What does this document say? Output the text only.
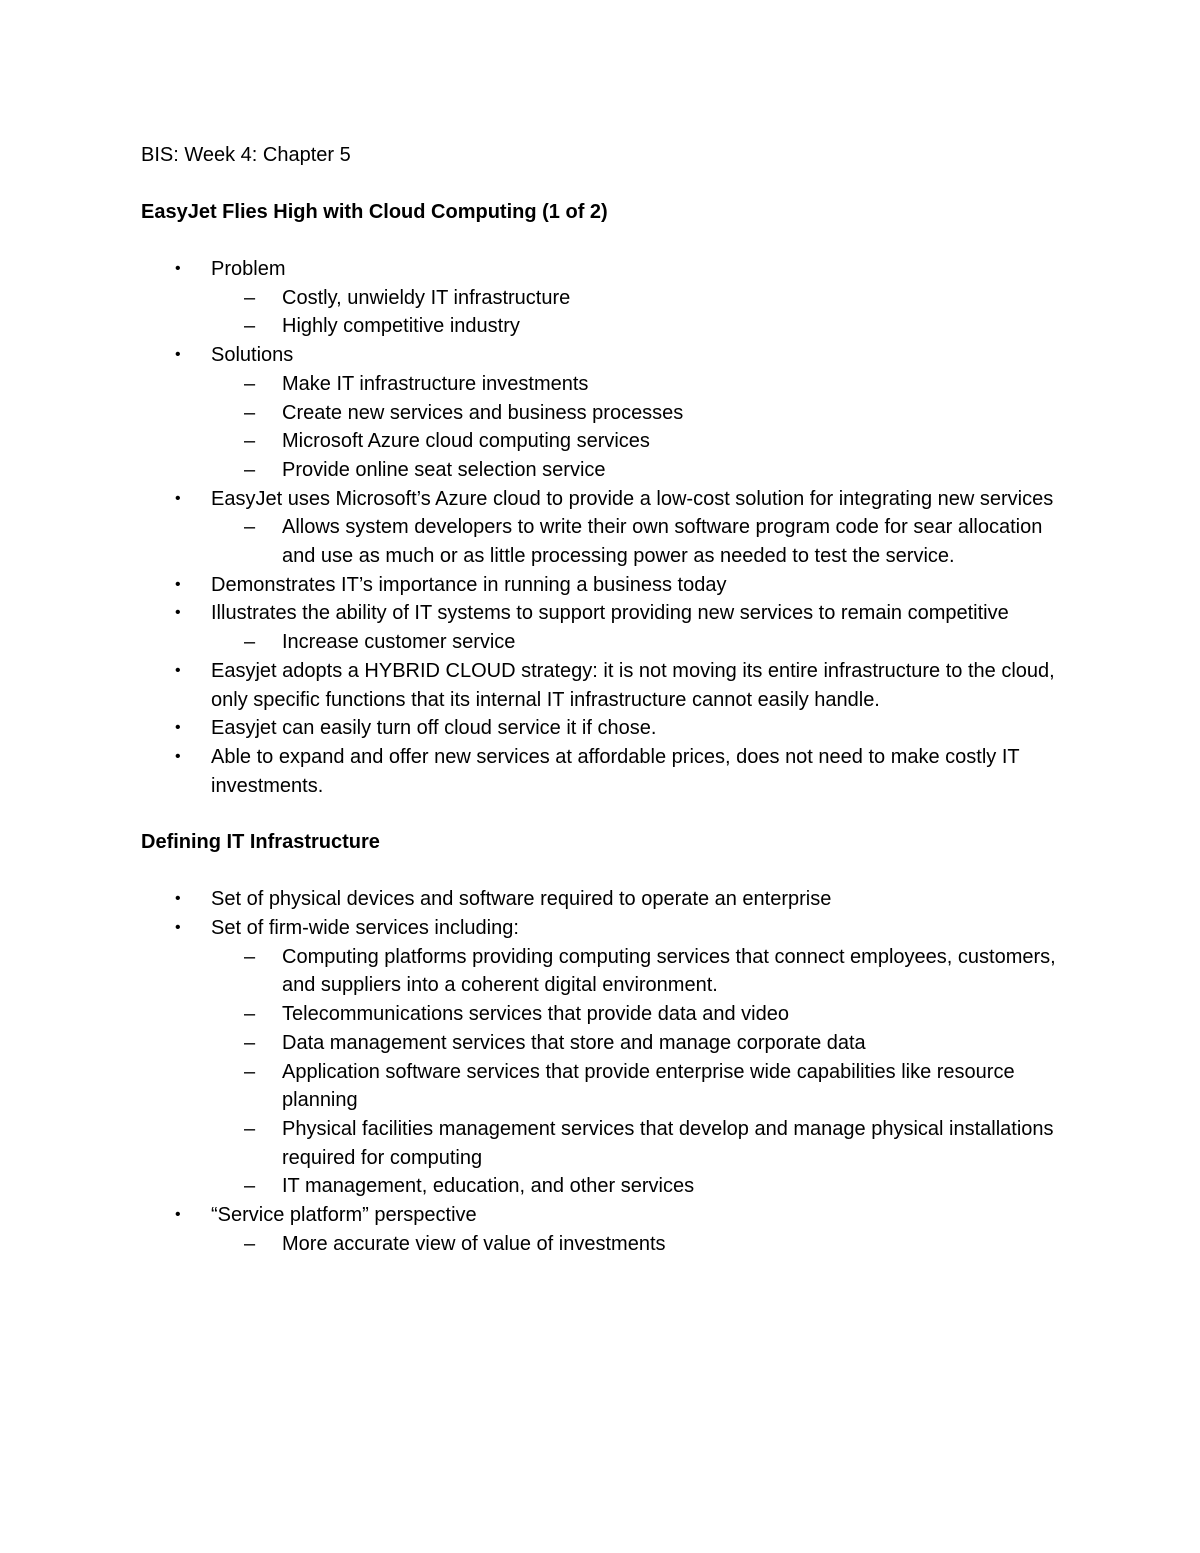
BIS: Week 4: Chapter 5
EasyJet Flies High with Cloud Computing (1 of 2)
•	Problem
–	Costly, unwieldy IT infrastructure
–	Highly competitive industry
•	Solutions
–	Make IT infrastructure investments
–	Create new services and business processes
–	Microsoft Azure cloud computing services
–	Provide online seat selection service
•	EasyJet uses Microsoft’s Azure cloud to provide a low-cost solution for integrating new services
–	Allows system developers to write their own software program code for sear allocation and use as much or as little processing power as needed to test the service.
•	Demonstrates IT’s importance in running a business today
•	Illustrates the ability of IT systems to support providing new services to remain competitive
–	Increase customer service
•	Easyjet adopts a HYBRID CLOUD strategy: it is not moving its entire infrastructure to the cloud, only specific functions that its internal IT infrastructure cannot easily handle.
•	Easyjet can easily turn off cloud service it if chose.
•	Able to expand and offer new services at affordable prices, does not need to make costly IT investments.
Defining IT Infrastructure
•	Set of physical devices and software required to operate an enterprise
•	Set of firm-wide services including:
–	Computing platforms providing computing services that connect employees, customers, and suppliers into a coherent digital environment.
–	Telecommunications services that provide data and video
–	Data management services that store and manage corporate data
–	Application software services that provide enterprise wide capabilities like resource planning
–	Physical facilities management services that develop and manage physical installations required for computing
–	IT management, education, and other services
•	“Service platform” perspective
–	More accurate view of value of investments
